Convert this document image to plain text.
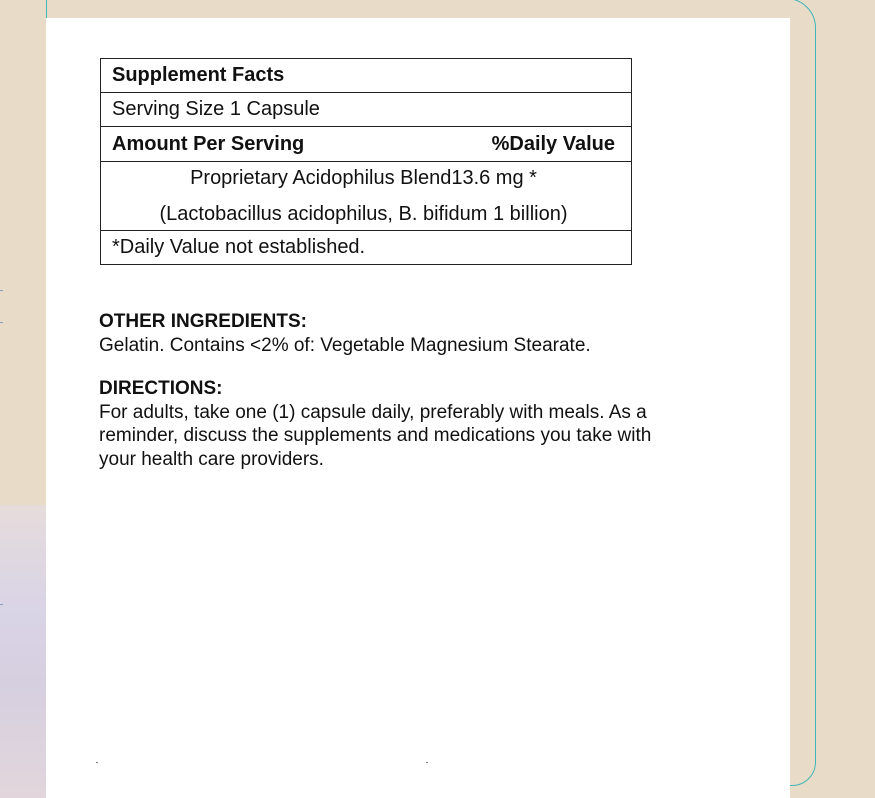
Supplement Facts
Serving Size 1 Capsule
Amount Per Serving	%Daily Value
Proprietary Acidophilus Blend 13.6 mg *
(Lactobacillus acidophilus, B. bifidum 1 billion)
*Daily Value not established.
OTHER INGREDIENTS:
Gelatin. Contains <2% of: Vegetable Magnesium Stearate.
DIRECTIONS:
For adults, take one (1) capsule daily, preferably with meals. As a
reminder, discuss the supplements and medications you take with
your health care providers.
